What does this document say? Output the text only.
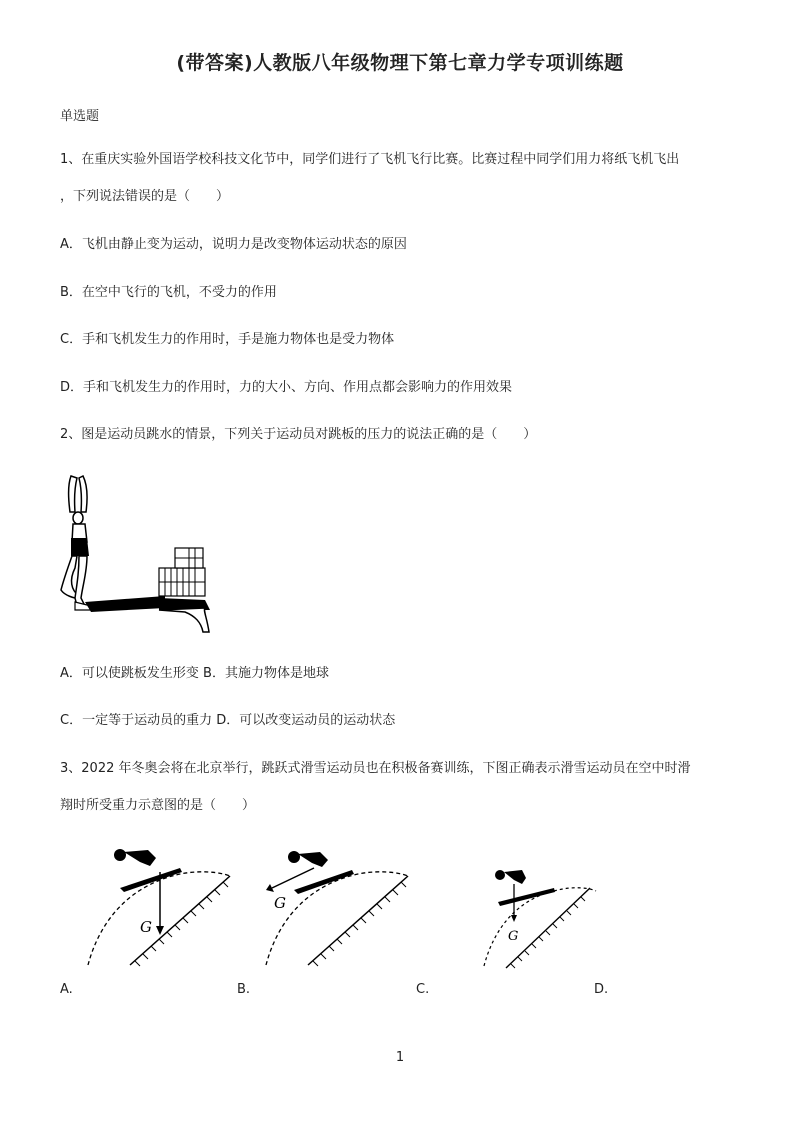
(带答案)人教版八年级物理下第七章力学专项训练题
单选题
1、在重庆实验外国语学校科技文化节中，同学们进行了飞机飞行比赛。比赛过程中同学们用力将纸飞机飞出
，下列说法错误的是（　　）
A．飞机由静止变为运动，说明力是改变物体运动状态的原因
B．在空中飞行的飞机，不受力的作用
C．手和飞机发生力的作用时，手是施力物体也是受力物体
D．手和飞机发生力的作用时，力的大小、方向、作用点都会影响力的作用效果
2、图是运动员跳水的情景，下列关于运动员对跳板的压力的说法正确的是（　　）
A．可以使跳板发生形变 B．其施力物体是地球
C．一定等于运动员的重力 D．可以改变运动员的运动状态
3、2022 年冬奥会将在北京举行，跳跃式滑雪运动员也在积极备赛训练，下图正确表示滑雪运动员在空中时滑
翔时所受重力示意图的是（　　）
G
G
G
A.	B.	C.	D.
1
